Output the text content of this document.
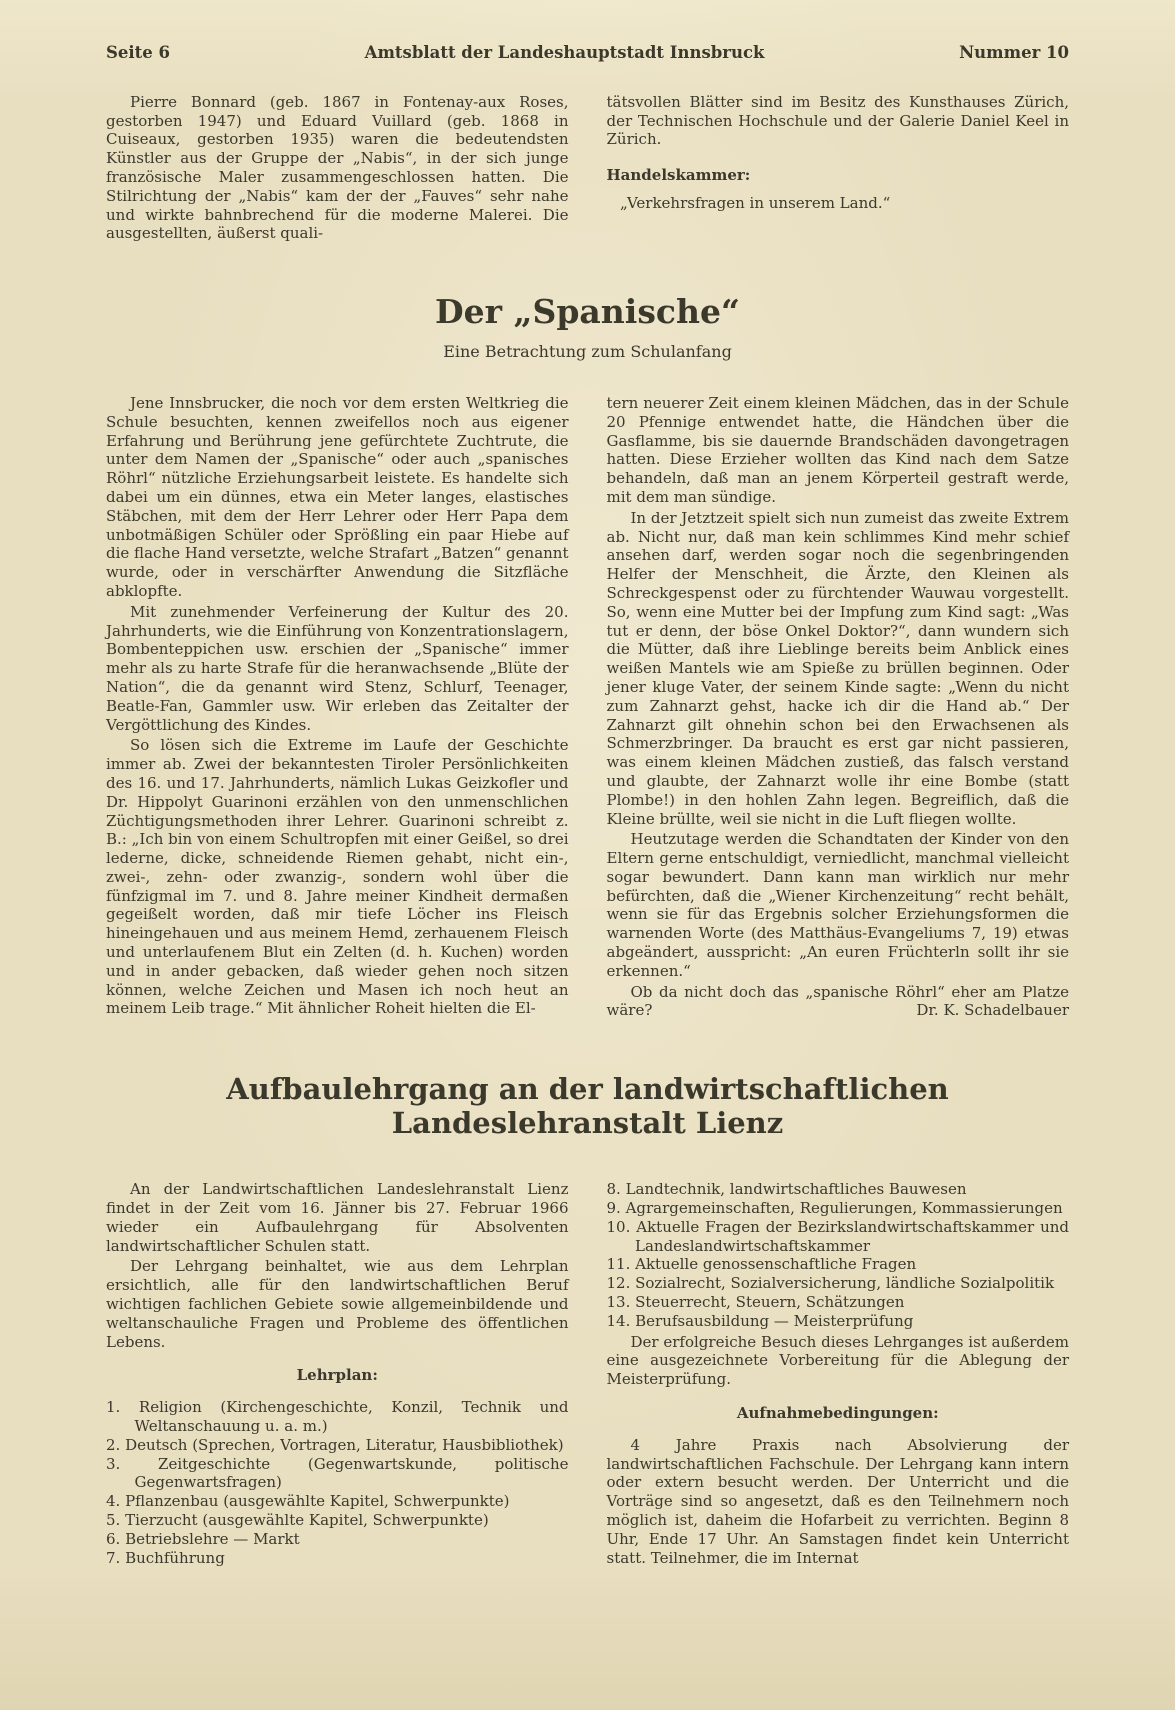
Seite 6	Amtsblatt der Landeshauptstadt Innsbruck	Nummer 10

Pierre Bonnard (geb. 1867 in Fontenay-aux Roses, gestorben 1947) und Eduard Vuillard (geb. 1868 in Cuiseaux, gestorben 1935) waren die bedeutendsten Künstler aus der Gruppe der „Nabis“, in der sich junge französische Maler zusammengeschlossen hatten. Die Stilrichtung der „Nabis“ kam der der „Fauves“ sehr nahe und wirkte bahnbrechend für die moderne Malerei. Die ausgestellten, äußerst quali-

tätsvollen Blätter sind im Besitz des Kunsthauses Zürich, der Technischen Hochschule und der Galerie Daniel Keel in Zürich.

Handelskammer:

„Verkehrsfragen in unserem Land.“

Der „Spanische“
Eine Betrachtung zum Schulanfang

Jene Innsbrucker, die noch vor dem ersten Weltkrieg die Schule besuchten, kennen zweifellos noch aus eigener Erfahrung und Berührung jene gefürchtete Zuchtrute, die unter dem Namen der „Spanische“ oder auch „spanisches Röhrl“ nützliche Erziehungsarbeit leistete. Es handelte sich dabei um ein dünnes, etwa ein Meter langes, elastisches Stäbchen, mit dem der Herr Lehrer oder Herr Papa dem unbotmäßigen Schüler oder Sprößling ein paar Hiebe auf die flache Hand versetzte, welche Strafart „Batzen“ genannt wurde, oder in verschärfter Anwendung die Sitzfläche abklopfte.

Mit zunehmender Verfeinerung der Kultur des 20. Jahrhunderts, wie die Einführung von Konzentrationslagern, Bombenteppichen usw. erschien der „Spanische“ immer mehr als zu harte Strafe für die heranwachsende „Blüte der Nation“, die da genannt wird Stenz, Schlurf, Teenager, Beatle-Fan, Gammler usw. Wir erleben das Zeitalter der Vergöttlichung des Kindes.

So lösen sich die Extreme im Laufe der Geschichte immer ab. Zwei der bekanntesten Tiroler Persönlichkeiten des 16. und 17. Jahrhunderts, nämlich Lukas Geizkofler und Dr. Hippolyt Guarinoni erzählen von den unmenschlichen Züchtigungsmethoden ihrer Lehrer. Guarinoni schreibt z. B.: „Ich bin von einem Schultropfen mit einer Geißel, so drei lederne, dicke, schneidende Riemen gehabt, nicht ein-, zwei-, zehn- oder zwanzig-, sondern wohl über die fünfzigmal im 7. und 8. Jahre meiner Kindheit dermaßen gegeißelt worden, daß mir tiefe Löcher ins Fleisch hineingehauen und aus meinem Hemd, zerhauenem Fleisch und unterlaufenem Blut ein Zelten (d. h. Kuchen) worden und in ander gebacken, daß wieder gehen noch sitzen können, welche Zeichen und Masen ich noch heut an meinem Leib trage.“ Mit ähnlicher Roheit hielten die El-

tern neuerer Zeit einem kleinen Mädchen, das in der Schule 20 Pfennige entwendet hatte, die Händchen über die Gasflamme, bis sie dauernde Brandschäden davongetragen hatten. Diese Erzieher wollten das Kind nach dem Satze behandeln, daß man an jenem Körperteil gestraft werde, mit dem man sündige.

In der Jetztzeit spielt sich nun zumeist das zweite Extrem ab. Nicht nur, daß man kein schlimmes Kind mehr schief ansehen darf, werden sogar noch die segenbringenden Helfer der Menschheit, die Ärzte, den Kleinen als Schreckgespenst oder zu fürchtender Wauwau vorgestellt. So, wenn eine Mutter bei der Impfung zum Kind sagt: „Was tut er denn, der böse Onkel Doktor?“, dann wundern sich die Mütter, daß ihre Lieblinge bereits beim Anblick eines weißen Mantels wie am Spieße zu brüllen beginnen. Oder jener kluge Vater, der seinem Kinde sagte: „Wenn du nicht zum Zahnarzt gehst, hacke ich dir die Hand ab.“ Der Zahnarzt gilt ohnehin schon bei den Erwachsenen als Schmerzbringer. Da braucht es erst gar nicht passieren, was einem kleinen Mädchen zustieß, das falsch verstand und glaubte, der Zahnarzt wolle ihr eine Bombe (statt Plombe!) in den hohlen Zahn legen. Begreiflich, daß die Kleine brüllte, weil sie nicht in die Luft fliegen wollte.

Heutzutage werden die Schandtaten der Kinder von den Eltern gerne entschuldigt, verniedlicht, manchmal vielleicht sogar bewundert. Dann kann man wirklich nur mehr befürchten, daß die „Wiener Kirchenzeitung“ recht behält, wenn sie für das Ergebnis solcher Erziehungsformen die warnenden Worte (des Matthäus-Evangeliums 7, 19) etwas abgeändert, ausspricht: „An euren Früchterln sollt ihr sie erkennen.“

Ob da nicht doch das „spanische Röhrl“ eher am Platze wäre?	Dr. K. Schadelbauer

Aufbaulehrgang an der landwirtschaftlichen Landeslehranstalt Lienz

An der Landwirtschaftlichen Landeslehranstalt Lienz findet in der Zeit vom 16. Jänner bis 27. Februar 1966 wieder ein Aufbaulehrgang für Absolventen landwirtschaftlicher Schulen statt.

Der Lehrgang beinhaltet, wie aus dem Lehrplan ersichtlich, alle für den landwirtschaftlichen Beruf wichtigen fachlichen Gebiete sowie allgemeinbildende und weltanschauliche Fragen und Probleme des öffentlichen Lebens.

Lehrplan:

1. Religion (Kirchengeschichte, Konzil, Technik und Weltanschauung u. a. m.)
2. Deutsch (Sprechen, Vortragen, Literatur, Hausbibliothek)
3. Zeitgeschichte (Gegenwartskunde, politische Gegenwartsfragen)
4. Pflanzenbau (ausgewählte Kapitel, Schwerpunkte)
5. Tierzucht (ausgewählte Kapitel, Schwerpunkte)
6. Betriebslehre — Markt
7. Buchführung
8. Landtechnik, landwirtschaftliches Bauwesen
9. Agrargemeinschaften, Regulierungen, Kommassierungen
10. Aktuelle Fragen der Bezirkslandwirtschaftskammer und Landeslandwirtschaftskammer
11. Aktuelle genossenschaftliche Fragen
12. Sozialrecht, Sozialversicherung, ländliche Sozialpolitik
13. Steuerrecht, Steuern, Schätzungen
14. Berufsausbildung — Meisterprüfung

Der erfolgreiche Besuch dieses Lehrganges ist außerdem eine ausgezeichnete Vorbereitung für die Ablegung der Meisterprüfung.

Aufnahmebedingungen:

4 Jahre Praxis nach Absolvierung der landwirtschaftlichen Fachschule. Der Lehrgang kann intern oder extern besucht werden. Der Unterricht und die Vorträge sind so angesetzt, daß es den Teilnehmern noch möglich ist, daheim die Hofarbeit zu verrichten. Beginn 8 Uhr, Ende 17 Uhr. An Samstagen findet kein Unterricht statt. Teilnehmer, die im Internat
